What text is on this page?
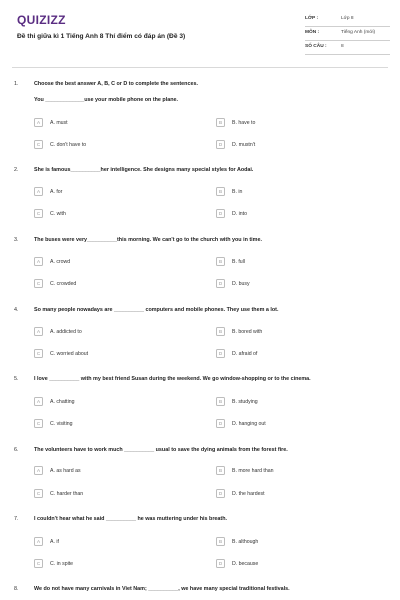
QUIZIZZ
Đề thi giữa kì 1 Tiếng Anh 8 Thí điểm có đáp án (Đề 3)
LỚP :	Lớp 8
MÔN :	Tiếng Anh (mới)
SỐ CÂU :	8
1.	Choose the best answer A, B, C or D to complete the sentences.
You _____________use your mobile phone on the plane.
A	A. must	B	B. have to
C	C. don't have to	D	D. mustn't
2.	She is famous__________her intelligence. She designs many special styles for Aodai.
A	A. for	B	B. in
C	C. with	D	D. into
3.	The buses were very__________this morning. We can't go to the church with you in time.
A	A. crowd	B	B. full
C	C. crowded	D	D. busy
4.	So many people nowadays are __________ computers and mobile phones. They use them a lot.
A	A. addicted to	B	B. bored with
C	C. worried about	D	D. afraid of
5.	I love __________ with my best friend Susan during the weekend. We go window-shopping or to the cinema.
A	A. chatting	B	B. studying
C	C. visiting	D	D. hanging out
6.	The volunteers have to work much __________ usual to save the dying animals from the forest fire.
A	A. as hard as	B	B. more hard than
C	C. harder than	D	D. the hardest
7.	I couldn't hear what he said __________ he was muttering under his breath.
A	A. if	B	B. although
C	C. in spite	D	D. because
8.	We do not have many carnivals in Viet Nam; __________, we have many special traditional festivals.
